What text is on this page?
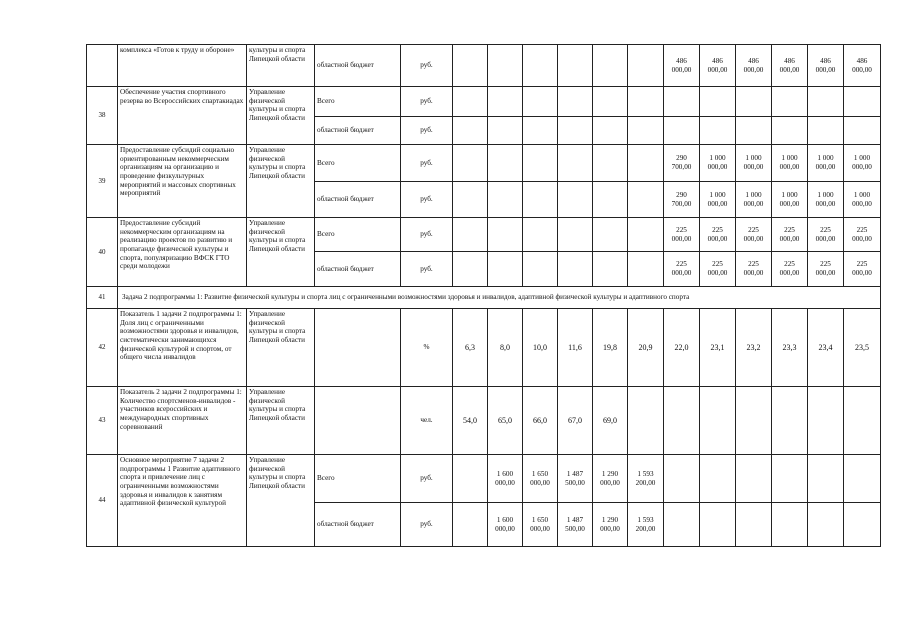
	комплекса «Готов к труду и обороне»	культуры и спорта Липецкой области	областной бюджет	руб.							486 000,00	486 000,00	486 000,00	486 000,00	486 000,00	486 000,00
38	Обеспечение участия спортивного резерва во Всероссийских спартакиадах	Управление физической культуры и спорта Липецкой области	Всего	руб.												
			областной бюджет	руб.												
39	Предоставление субсидий социально ориентированным некоммерческим организациям на организацию и проведение физкультурных мероприятий и массовых спортивных мероприятий	Управление физической культуры и спорта Липецкой области	Всего	руб.							290 700,00	1 000 000,00	1 000 000,00	1 000 000,00	1 000 000,00	1 000 000,00
			областной бюджет	руб.							290 700,00	1 000 000,00	1 000 000,00	1 000 000,00	1 000 000,00	1 000 000,00
40	Предоставление субсидий некоммерческим организациям на реализацию проектов по развитию и пропаганде физической культуры и спорта, популяризацию ВФСК ГТО среди молодежи	Управление физической культуры и спорта Липецкой области	Всего	руб.							225 000,00	225 000,00	225 000,00	225 000,00	225 000,00	225 000,00
			областной бюджет	руб.							225 000,00	225 000,00	225 000,00	225 000,00	225 000,00	225 000,00
41	Задача 2 подпрограммы 1: Развитие физической культуры и спорта лиц с ограниченными возможностями здоровья и инвалидов, адаптивной физической культуры и адаптивного спорта															
42	Показатель 1 задачи 2 подпрограммы 1: Доля лиц с ограниченными возможностями здоровья и инвалидов, систематически занимающихся физической культурой и спортом, от общего числа инвалидов	Управление физической культуры и спорта Липецкой области		%	6,3	8,0	10,0	11,6	19,8	20,9	22,0	23,1	23,2	23,3	23,4	23,5
43	Показатель 2 задачи 2 подпрограммы 1: Количество спортсменов-инвалидов - участников всероссийских и международных спортивных соревнований	Управление физической культуры и спорта Липецкой области		чел.	54,0	65,0	66,0	67,0	69,0							
44	Основное мероприятие 7 задачи 2 подпрограммы 1 Развитие адаптивного спорта и привлечение лиц с ограниченными возможностями здоровья и инвалидов к занятиям адаптивной физической культурой	Управление физической культуры и спорта Липецкой области	Всего	руб.		1 600 000,00	1 650 000,00	1 487 500,00	1 290 000,00	1 593 200,00						
			областной бюджет	руб.		1 600 000,00	1 650 000,00	1 487 500,00	1 290 000,00	1 593 200,00						
